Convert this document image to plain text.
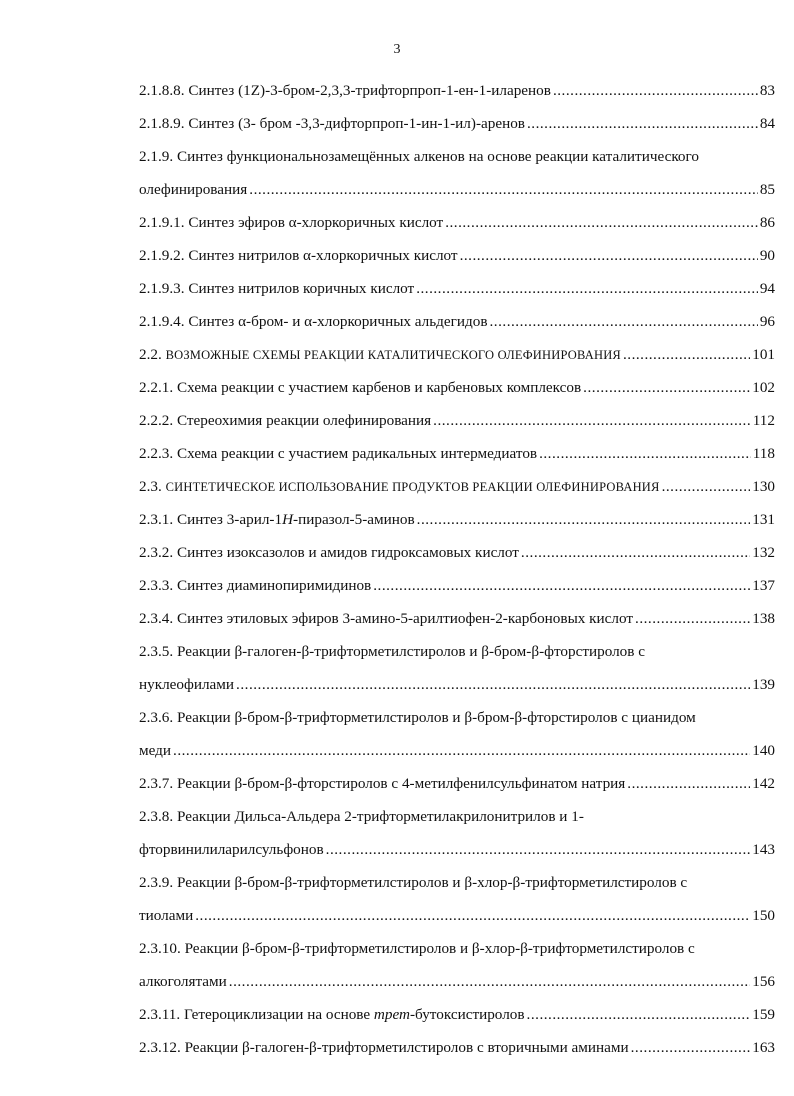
3
2.1.8.8. Синтез (1Z)-3-бром-2,3,3-трифторпроп-1-ен-1-иларенов .....	83
2.1.8.9. Синтез (3- бром -3,3-дифторпроп-1-ин-1-ил)-аренов .....	84
2.1.9. Синтез функциональнозамещённых алкенов на основе реакции каталитического
олефинирования .....	85
2.1.9.1. Синтез эфиров α-хлоркоричных кислот .....	86
2.1.9.2. Синтез нитрилов α-хлоркоричных кислот .....	90
2.1.9.3. Синтез нитрилов коричных кислот .....	94
2.1.9.4. Синтез α-бром- и α-хлоркоричных альдегидов .....	96
2.2. ВОЗМОЖНЫЕ СХЕМЫ РЕАКЦИИ КАТАЛИТИЧЕСКОГО ОЛЕФИНИРОВАНИЯ .....	101
2.2.1. Схема реакции с участием карбенов и карбеновых комплексов .....	102
2.2.2. Стереохимия реакции олефинирования .....	112
2.2.3. Схема реакции с участием радикальных интермедиатов .....	118
2.3. СИНТЕТИЧЕСКОЕ ИСПОЛЬЗОВАНИЕ ПРОДУКТОВ РЕАКЦИИ ОЛЕФИНИРОВАНИЯ .....	130
2.3.1. Синтез 3-арил-1H-пиразол-5-аминов .....	131
2.3.2. Синтез изоксазолов и амидов гидроксамовых кислот .....	132
2.3.3. Синтез диаминопиримидинов .....	137
2.3.4. Синтез этиловых эфиров 3-амино-5-арилтиофен-2-карбоновых кислот .....	138
2.3.5. Реакции β-галоген-β-трифторметилстиролов и β-бром-β-фторстиролов с
нуклеофилами .....	139
2.3.6. Реакции β-бром-β-трифторметилстиролов и β-бром-β-фторстиролов с цианидом
меди .....	140
2.3.7. Реакции β-бром-β-фторстиролов с 4-метилфенилсульфинатом натрия .....	142
2.3.8. Реакции Дильса-Альдера 2-трифторметилакрилонитрилов и 1-
фторвинилиларилсульфонов .....	143
2.3.9. Реакции β-бром-β-трифторметилстиролов и β-хлор-β-трифторметилстиролов с
тиолами .....	150
2.3.10. Реакции β-бром-β-трифторметилстиролов и β-хлор-β-трифторметилстиролов с
алкоголятами .....	156
2.3.11. Гетероциклизации на основе трет-бутоксистиролов .....	159
2.3.12. Реакции β-галоген-β-трифторметилстиролов с вторичными аминами .....	163
